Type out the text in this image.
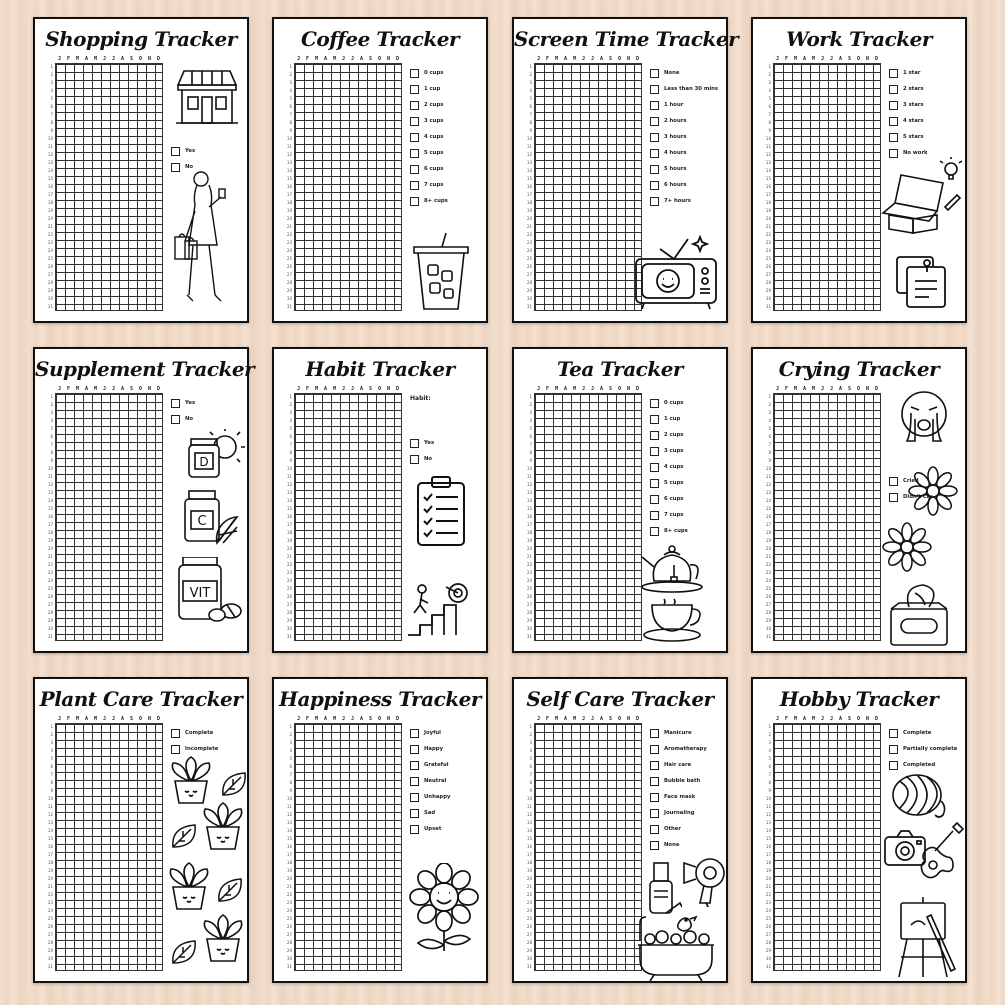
Shopping Tracker
J	F	M	A	M	J	J	A	S	O	N	D
1
2
3
4
5
6
7
8
9
10
11
12
13
14
15
16
17
18
19
20
21
22
23
24
25
26
27
28
29
30
31
Yes
No
Coffee Tracker
J	F	M	A	M	J	J	A	S	O	N	D
1
2
3
4
5
6
7
8
9
10
11
12
13
14
15
16
17
18
19
20
21
22
23
24
25
26
27
28
29
30
31
0 cups
1 cup
2 cups
3 cups
4 cups
5 cups
6 cups
7 cups
8+ cups
Screen Time Tracker
J	F	M	A	M	J	J	A	S	O	N	D
1
2
3
4
5
6
7
8
9
10
11
12
13
14
15
16
17
18
19
20
21
22
23
24
25
26
27
28
29
30
31
None
Less than 30 mins
1 hour
2 hours
3 hours
4 hours
5 hours
6 hours
7+ hours
Work Tracker
J	F	M	A	M	J	J	A	S	O	N	D
1
2
3
4
5
6
7
8
9
10
11
12
13
14
15
16
17
18
19
20
21
22
23
24
25
26
27
28
29
30
31
1 star
2 stars
3 stars
4 stars
5 stars
No work
Supplement Tracker
J	F	M	A	M	J	J	A	S	O	N	D
1
2
3
4
5
6
7
8
9
10
11
12
13
14
15
16
17
18
19
20
21
22
23
24
25
26
27
28
29
30
31
Yes
No
D
C
VIT
Habit Tracker
J	F	M	A	M	J	J	A	S	O	N	D
1
2
3
4
5
6
7
8
9
10
11
12
13
14
15
16
17
18
19
20
21
22
23
24
25
26
27
28
29
30
31
Habit:
Yes
No
Tea Tracker
J	F	M	A	M	J	J	A	S	O	N	D
1
2
3
4
5
6
7
8
9
10
11
12
13
14
15
16
17
18
19
20
21
22
23
24
25
26
27
28
29
30
31
0 cups
1 cup
2 cups
3 cups
4 cups
5 cups
6 cups
7 cups
8+ cups
Crying Tracker
J	F	M	A	M	J	J	A	S	O	N	D
1
2
3
4
5
6
7
8
9
10
11
12
13
14
15
16
17
18
19
20
21
22
23
24
25
26
27
28
29
30
31
Cried
Didn't Cry
Plant Care Tracker
J	F	M	A	M	J	J	A	S	O	N	D
1
2
3
4
5
6
7
8
9
10
11
12
13
14
15
16
17
18
19
20
21
22
23
24
25
26
27
28
29
30
31
Complete
Incomplete
Happiness Tracker
J	F	M	A	M	J	J	A	S	O	N	D
1
2
3
4
5
6
7
8
9
10
11
12
13
14
15
16
17
18
19
20
21
22
23
24
25
26
27
28
29
30
31
Joyful
Happy
Grateful
Neutral
Unhappy
Sad
Upset
Self Care Tracker
J	F	M	A	M	J	J	A	S	O	N	D
1
2
3
4
5
6
7
8
9
10
11
12
13
14
15
16
17
18
19
20
21
22
23
24
25
26
27
28
29
30
31
Manicure
Aromatherapy
Hair care
Bubble bath
Face mask
Journaling
Other
None
Hobby Tracker
J	F	M	A	M	J	J	A	S	O	N	D
1
2
3
4
5
6
7
8
9
10
11
12
13
14
15
16
17
18
19
20
21
22
23
24
25
26
27
28
29
30
31
Complete
Partially complete
Completed
